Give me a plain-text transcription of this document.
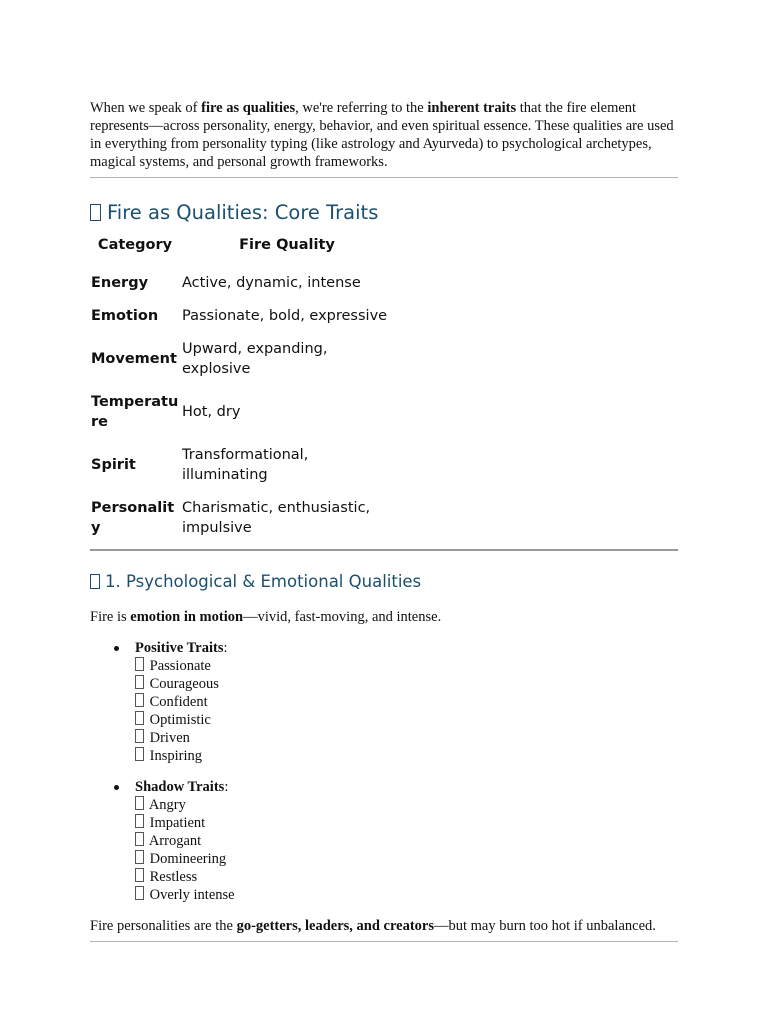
When we speak of fire as qualities, we're referring to the inherent traits that the fire element represents—across personality, energy, behavior, and even spiritual essence. These qualities are used in everything from personality typing (like astrology and Ayurveda) to psychological archetypes, magical systems, and personal growth frameworks.

Fire as Qualities: Core Traits
Category	Fire Quality
Energy	Active, dynamic, intense
Emotion	Passionate, bold, expressive
Movement	Upward, expanding, explosive
Temperature	Hot, dry
Spirit	Transformational, illuminating
Personality	Charismatic, enthusiastic, impulsive
1. Psychological & Emotional Qualities

Fire is emotion in motion—vivid, fast-moving, and intense.

Positive Traits:
Passionate
Courageous
Confident
Optimistic
Driven
Inspiring
Shadow Traits:
Angry
Impatient
Arrogant
Domineering
Restless
Overly intense

Fire personalities are the go-getters, leaders, and creators—but may burn too hot if unbalanced.
